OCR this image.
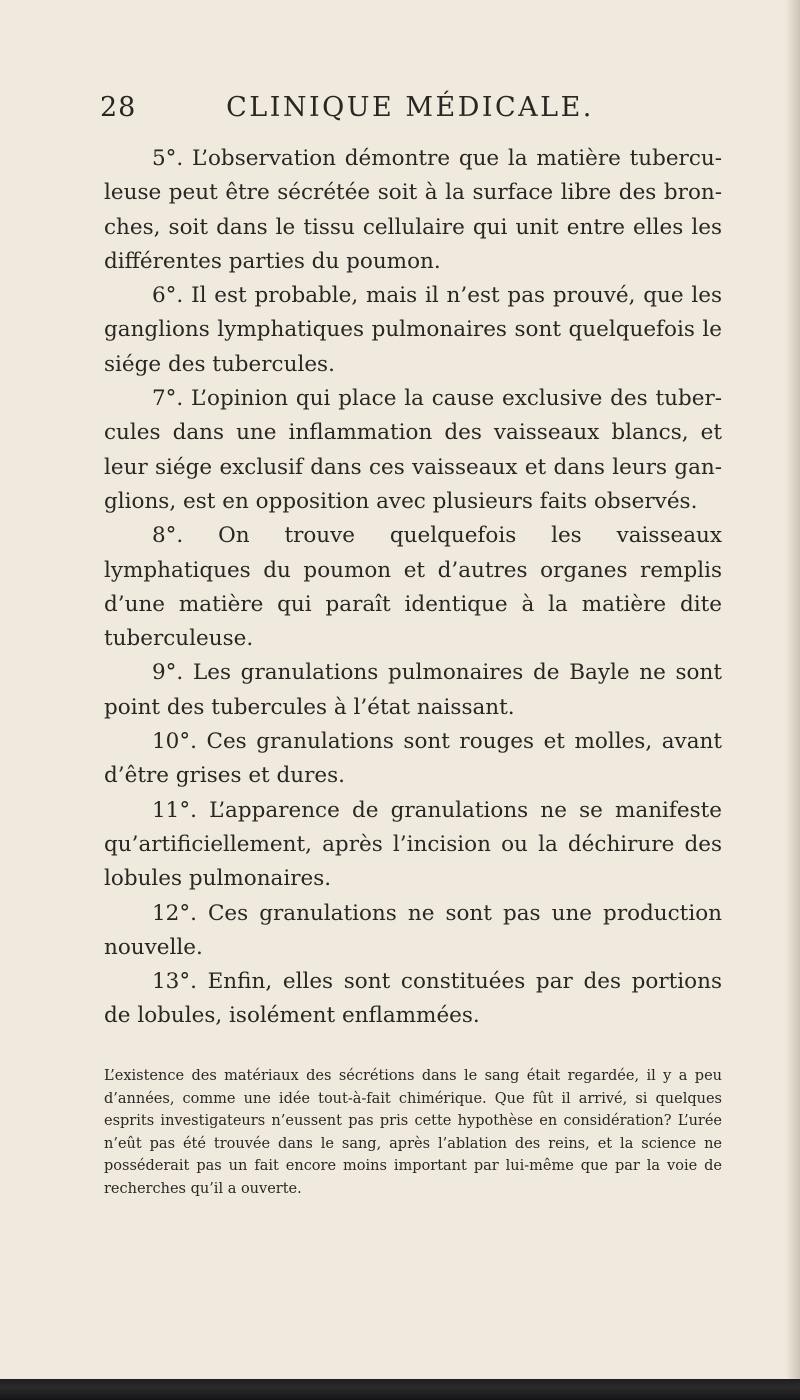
28	CLINIQUE MÉDICALE.

5°. L’observation démontre que la matière tuberculeuse peut être sécrétée soit à la surface libre des bronches, soit dans le tissu cellulaire qui unit entre elles les différentes parties du poumon.

6°. Il est probable, mais il n’est pas prouvé, que les ganglions lymphatiques pulmonaires sont quelquefois le siége des tubercules.

7°. L’opinion qui place la cause exclusive des tubercules dans une inflammation des vaisseaux blancs, et leur siége exclusif dans ces vaisseaux et dans leurs ganglions, est en opposition avec plusieurs faits observés.

8°. On trouve quelquefois les vaisseaux lymphatiques du poumon et d’autres organes remplis d’une matière qui paraît identique à la matière dite tuberculeuse.

9°. Les granulations pulmonaires de Bayle ne sont point des tubercules à l’état naissant.

10°. Ces granulations sont rouges et molles, avant d’être grises et dures.

11°. L’apparence de granulations ne se manifeste qu’artificiellement, après l’incision ou la déchirure des lobules pulmonaires.

12°. Ces granulations ne sont pas une production nouvelle.

13°. Enfin, elles sont constituées par des portions de lobules, isolément enflammées.

L’existence des matériaux des sécrétions dans le sang était regardée, il y a peu d’années, comme une idée tout-à-fait chimérique. Que fût il arrivé, si quelques esprits investigateurs n’eussent pas pris cette hypothèse en considération? L’urée n’eût pas été trouvée dans le sang, après l’ablation des reins, et la science ne posséderait pas un fait encore moins important par lui-même que par la voie de recherches qu’il a ouverte.
